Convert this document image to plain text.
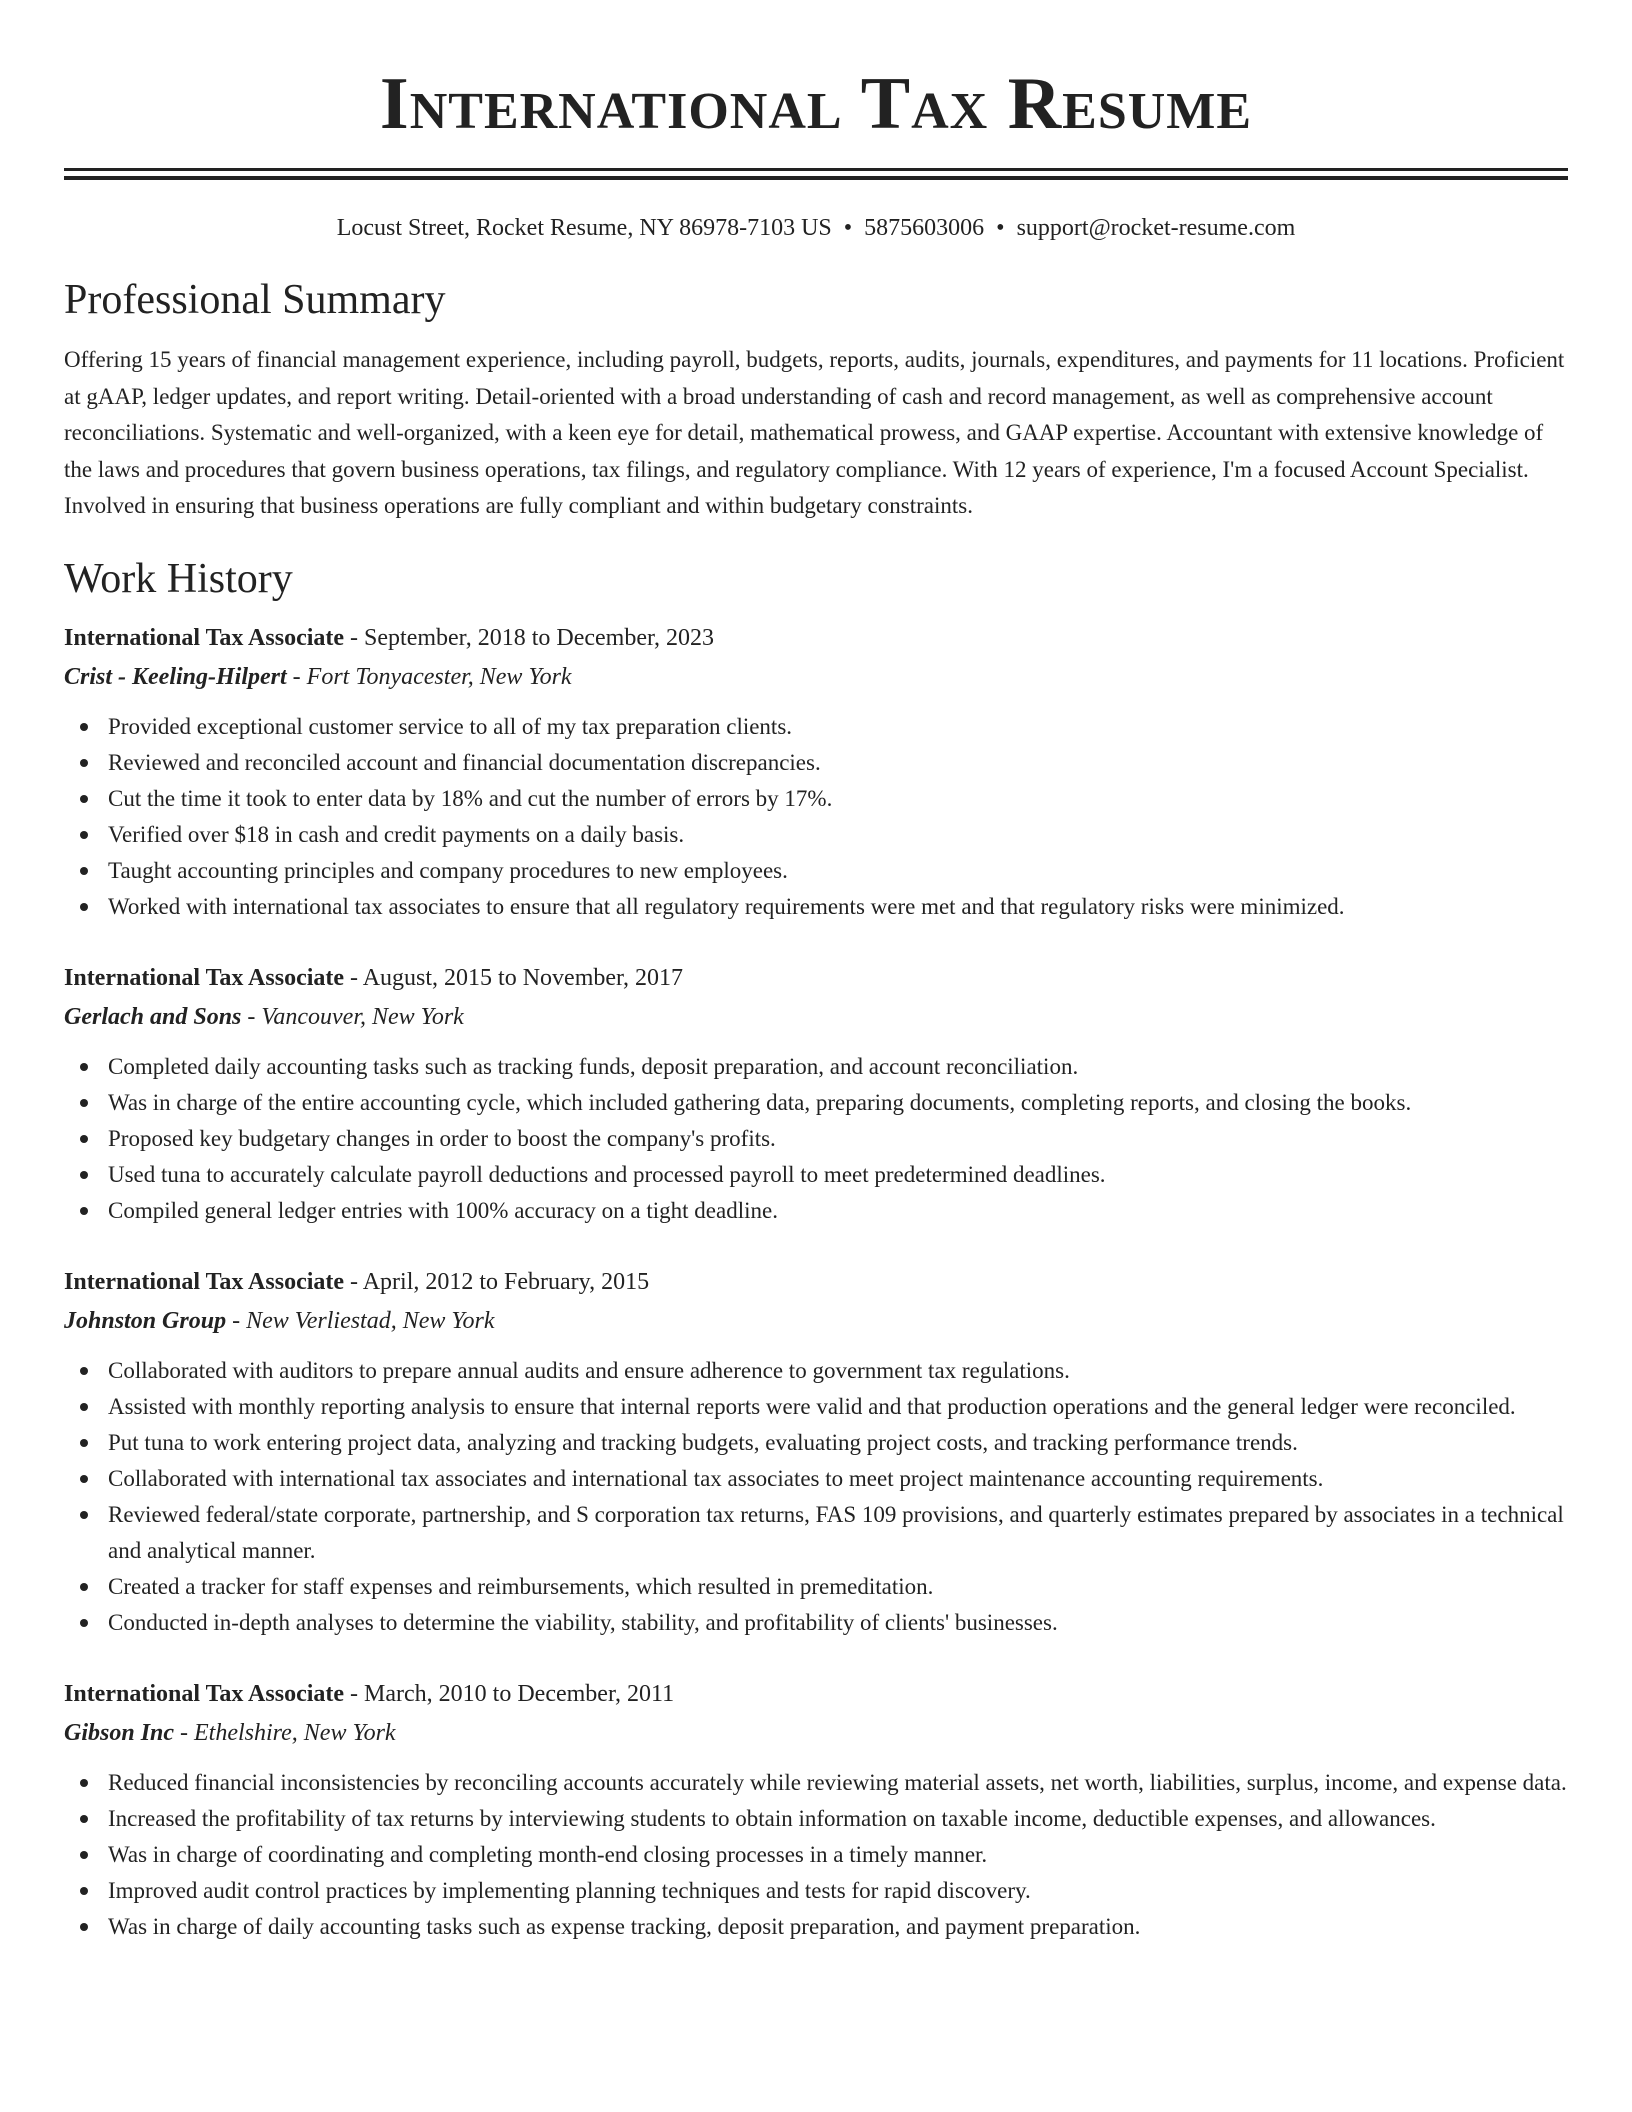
International Tax Resume
Locust Street, Rocket Resume, NY 86978-7103 US • 5875603006 • support@rocket-resume.com
Professional Summary

Offering 15 years of financial management experience, including payroll, budgets, reports, audits, journals, expenditures, and payments for 11 locations. Proficient at gAAP, ledger updates, and report writing. Detail-oriented with a broad understanding of cash and record management, as well as comprehensive account reconciliations. Systematic and well-organized, with a keen eye for detail, mathematical prowess, and GAAP expertise. Accountant with extensive knowledge of the laws and procedures that govern business operations, tax filings, and regulatory compliance. With 12 years of experience, I'm a focused Account Specialist. Involved in ensuring that business operations are fully compliant and within budgetary constraints.

Work History
International Tax Associate - September, 2018 to December, 2023
Crist - Keeling-Hilpert - Fort Tonyacester, New York
Provided exceptional customer service to all of my tax preparation clients.
Reviewed and reconciled account and financial documentation discrepancies.
Cut the time it took to enter data by 18% and cut the number of errors by 17%.
Verified over $18 in cash and credit payments on a daily basis.
Taught accounting principles and company procedures to new employees.
Worked with international tax associates to ensure that all regulatory requirements were met and that regulatory risks were minimized.
International Tax Associate - August, 2015 to November, 2017
Gerlach and Sons - Vancouver, New York
Completed daily accounting tasks such as tracking funds, deposit preparation, and account reconciliation.
Was in charge of the entire accounting cycle, which included gathering data, preparing documents, completing reports, and closing the books.
Proposed key budgetary changes in order to boost the company's profits.
Used tuna to accurately calculate payroll deductions and processed payroll to meet predetermined deadlines.
Compiled general ledger entries with 100% accuracy on a tight deadline.
International Tax Associate - April, 2012 to February, 2015
Johnston Group - New Verliestad, New York
Collaborated with auditors to prepare annual audits and ensure adherence to government tax regulations.
Assisted with monthly reporting analysis to ensure that internal reports were valid and that production operations and the general ledger were reconciled.
Put tuna to work entering project data, analyzing and tracking budgets, evaluating project costs, and tracking performance trends.
Collaborated with international tax associates and international tax associates to meet project maintenance accounting requirements.
Reviewed federal/state corporate, partnership, and S corporation tax returns, FAS 109 provisions, and quarterly estimates prepared by associates in a technical and analytical manner.
Created a tracker for staff expenses and reimbursements, which resulted in premeditation.
Conducted in-depth analyses to determine the viability, stability, and profitability of clients' businesses.
International Tax Associate - March, 2010 to December, 2011
Gibson Inc - Ethelshire, New York
Reduced financial inconsistencies by reconciling accounts accurately while reviewing material assets, net worth, liabilities, surplus, income, and expense data.
Increased the profitability of tax returns by interviewing students to obtain information on taxable income, deductible expenses, and allowances.
Was in charge of coordinating and completing month-end closing processes in a timely manner.
Improved audit control practices by implementing planning techniques and tests for rapid discovery.
Was in charge of daily accounting tasks such as expense tracking, deposit preparation, and payment preparation.
